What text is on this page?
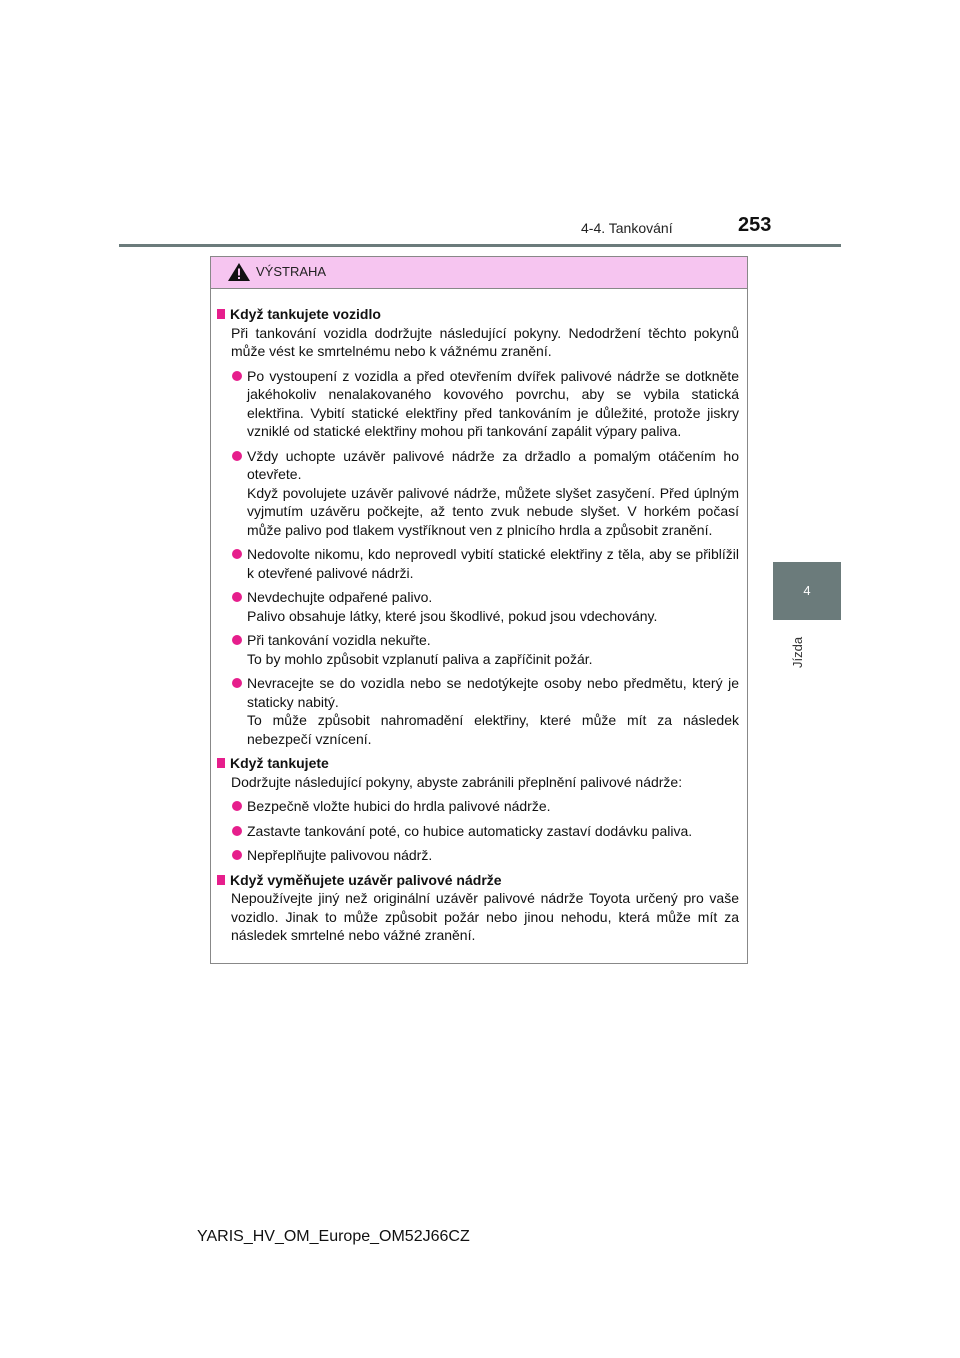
4-4. Tankování	253
4
Jízda
VÝSTRAHA
Když tankujete vozidlo
Při tankování vozidla dodržujte následující pokyny. Nedodržení těchto pokynů může vést ke smrtelnému nebo k vážnému zranění.

Po vystoupení z vozidla a před otevřením dvířek palivové nádrže se dotkněte jakéhokoliv nenalakovaného kovového povrchu, aby se vybila statická elektřina. Vybití statické elektřiny před tankováním je důležité, protože jiskry vzniklé od statické elektřiny mohou při tankování zapálit výpary paliva.

Vždy uchopte uzávěr palivové nádrže za držadlo a pomalým otáčením ho otevřete.

Když povolujete uzávěr palivové nádrže, můžete slyšet zasyčení. Před úplným vyjmutím uzávěru počkejte, až tento zvuk nebude slyšet. V horkém počasí může palivo pod tlakem vystříknout ven z plnicího hrdla a způsobit zranění.

Nedovolte nikomu, kdo neprovedl vybití statické elektřiny z těla, aby se přiblížil k otevřené palivové nádrži.

Nevdechujte odpařené palivo.

Palivo obsahuje látky, které jsou škodlivé, pokud jsou vdechovány.

Při tankování vozidla nekuřte.

To by mohlo způsobit vzplanutí paliva a zapříčinit požár.

Nevracejte se do vozidla nebo se nedotýkejte osoby nebo předmětu, který je staticky nabitý.

To může způsobit nahromadění elektřiny, které může mít za následek nebezpečí vznícení.

Když tankujete
Dodržujte následující pokyny, abyste zabránili přeplnění palivové nádrže:

Bezpečně vložte hubici do hrdla palivové nádrže.

Zastavte tankování poté, co hubice automaticky zastaví dodávku paliva.

Nepřeplňujte palivovou nádrž.

Když vyměňujete uzávěr palivové nádrže
Nepoužívejte jiný než originální uzávěr palivové nádrže Toyota určený pro vaše vozidlo. Jinak to může způsobit požár nebo jinou nehodu, která může mít za následek smrtelné nebo vážné zranění.
YARIS_HV_OM_Europe_OM52J66CZ
